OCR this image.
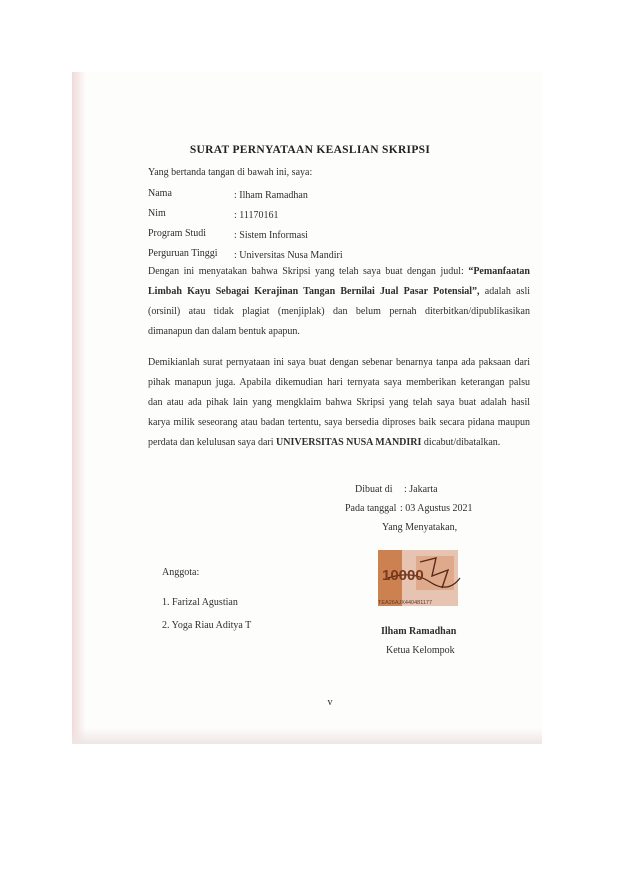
SURAT PERNYATAAN KEASLIAN SKRIPSI
Yang bertanda tangan di bawah ini, saya:
Nama	: Ilham Ramadhan
Nim	: 11170161
Program Studi	: Sistem Informasi
Perguruan Tinggi : Universitas Nusa Mandiri

Dengan ini menyatakan bahwa Skripsi yang telah saya buat dengan judul: “Pemanfaatan

Limbah Kayu Sebagai Kerajinan Tangan Bernilai Jual Pasar Potensial”, adalah asli

(orsinil) atau tidak plagiat (menjiplak) dan belum pernah diterbitkan/dipublikasikan

dimanapun dan dalam bentuk apapun.

Demikianlah surat pernyataan ini saya buat dengan sebenar benarnya tanpa ada paksaan dari

pihak manapun juga. Apabila dikemudian hari ternyata saya memberikan keterangan palsu

dan atau ada pihak lain yang mengklaim bahwa Skripsi yang telah saya buat adalah hasil

karya milik seseorang atau badan tertentu, saya bersedia diproses baik secara pidana maupun

perdata dan kelulusan saya dari UNIVERSITAS NUSA MANDIRI dicabut/dibatalkan.

Dibuat di : Jakarta
Pada tanggal : 03 Agustus 2021
Yang Menyatakan,
10000
TEA26AJX440481177
Anggota:
1. Farizal Agustian
2. Yoga Riau Aditya T
Ilham Ramadhan
Ketua Kelompok
v
